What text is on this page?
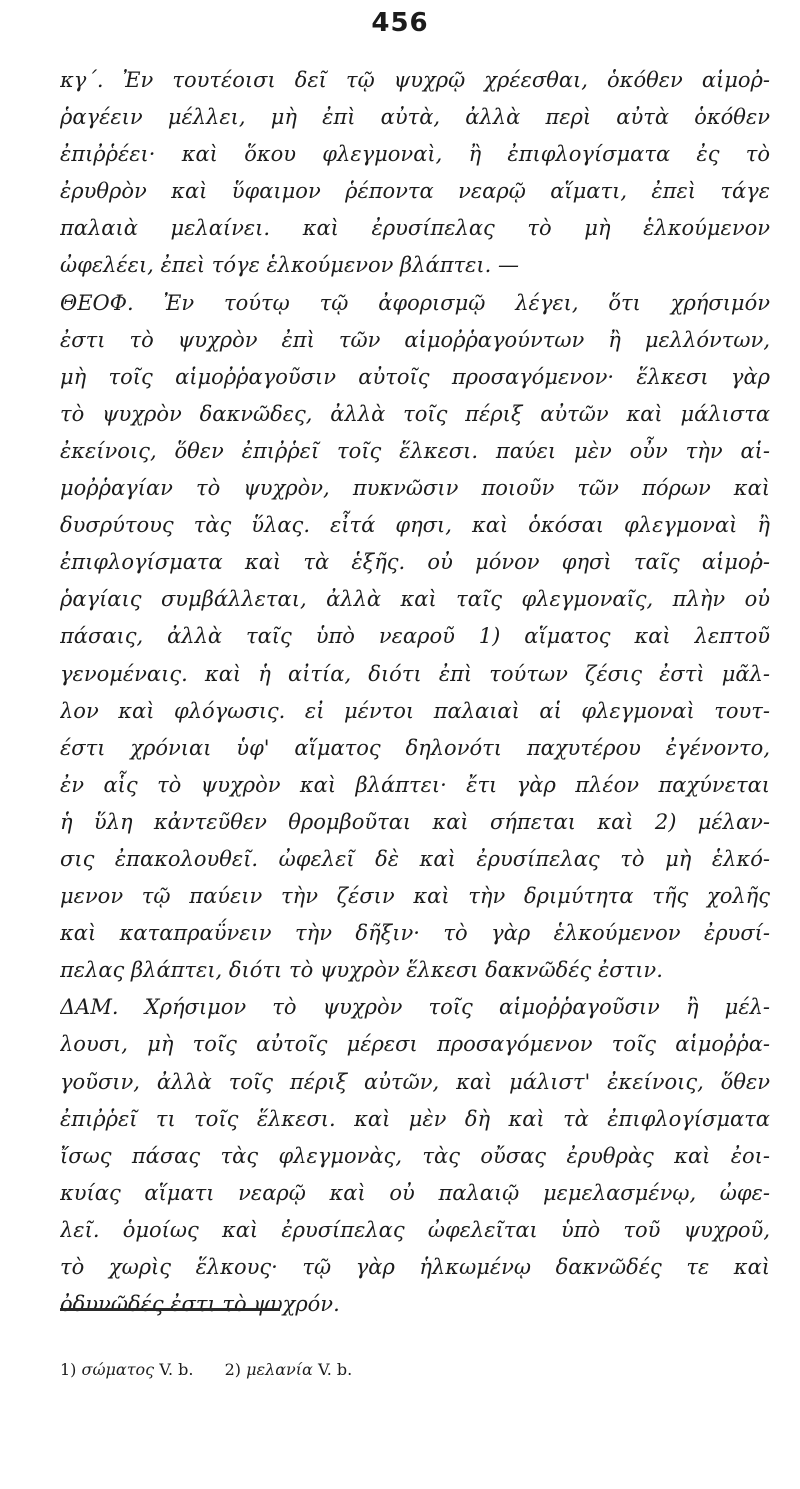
456
κγ΄. Ἐν τουτέοισι δεῖ τῷ ψυχρῷ χρέεσθαι, ὁκόθεν αἱμοῤ-
ῥαγέειν μέλλει, μὴ ἐπὶ αὐτὰ, ἀλλὰ περὶ αὐτὰ ὁκόθεν
ἐπιῤῥέει· καὶ ὅκου φλεγμοναὶ, ἢ ἐπιφλογίσματα ἐς τὸ
ἐρυθρὸν καὶ ὕφαιμον ῥέποντα νεαρῷ αἵματι, ἐπεὶ τάγε
παλαιὰ μελαίνει. καὶ ἐρυσίπελας τὸ μὴ ἑλκούμενον
ὠφελέει, ἐπεὶ τόγε ἑλκούμενον βλάπτει. —
ΘΕΟΦ. Ἐν τούτῳ τῷ ἀφορισμῷ λέγει, ὅτι χρήσιμόν
ἐστι τὸ ψυχρὸν ἐπὶ τῶν αἱμοῤῥαγούντων ἢ μελλόντων,
μὴ τοῖς αἱμοῤῥαγοῦσιν αὐτοῖς προσαγόμενον· ἕλκεσι γὰρ
τὸ ψυχρὸν δακνῶδες, ἀλλὰ τοῖς πέριξ αὐτῶν καὶ μάλιστα
ἐκείνοις, ὅθεν ἐπιῤῥεῖ τοῖς ἕλκεσι. παύει μὲν οὖν τὴν αἱ-
μοῤῥαγίαν τὸ ψυχρὸν, πυκνῶσιν ποιοῦν τῶν πόρων καὶ
δυσρύτους τὰς ὕλας. εἶτά φησι, καὶ ὁκόσαι φλεγμοναὶ ἢ
ἐπιφλογίσματα καὶ τὰ ἑξῆς. οὐ μόνον φησὶ ταῖς αἱμοῤ-
ῥαγίαις συμβάλλεται, ἀλλὰ καὶ ταῖς φλεγμοναῖς, πλὴν οὐ
πάσαις, ἀλλὰ ταῖς ὑπὸ νεαροῦ 1) αἵματος καὶ λεπτοῦ
γενομέναις. καὶ ἡ αἰτία, διότι ἐπὶ τούτων ζέσις ἐστὶ μᾶλ-
λον καὶ φλόγωσις. εἰ μέντοι παλαιαὶ αἱ φλεγμοναὶ τουτ-
έστι χρόνιαι ὑφ' αἵματος δηλονότι παχυτέρου ἐγένοντο,
ἐν αἷς τὸ ψυχρὸν καὶ βλάπτει· ἔτι γὰρ πλέον παχύνεται
ἡ ὕλη κἀντεῦθεν θρομβοῦται καὶ σήπεται καὶ 2) μέλαν-
σις ἐπακολουθεῖ. ὠφελεῖ δὲ καὶ ἐρυσίπελας τὸ μὴ ἑλκό-
μενον τῷ παύειν τὴν ζέσιν καὶ τὴν δριμύτητα τῆς χολῆς
καὶ καταπραΰνειν τὴν δῆξιν· τὸ γὰρ ἑλκούμενον ἐρυσί-
πελας βλάπτει, διότι τὸ ψυχρὸν ἕλκεσι δακνῶδές ἐστιν.
ΔΑΜ. Χρήσιμον τὸ ψυχρὸν τοῖς αἱμοῤῥαγοῦσιν ἢ μέλ-
λουσι, μὴ τοῖς αὐτοῖς μέρεσι προσαγόμενον τοῖς αἱμοῤῥα-
γοῦσιν, ἀλλὰ τοῖς πέριξ αὐτῶν, καὶ μάλιστ' ἐκείνοις, ὅθεν
ἐπιῤῥεῖ τι τοῖς ἕλκεσι. καὶ μὲν δὴ καὶ τὰ ἐπιφλογίσματα
ἴσως πάσας τὰς φλεγμονὰς, τὰς οὔσας ἐρυθρὰς καὶ ἐοι-
κυίας αἵματι νεαρῷ καὶ οὐ παλαιῷ μεμελασμένῳ, ὠφε-
λεῖ. ὁμοίως καὶ ἐρυσίπελας ὠφελεῖται ὑπὸ τοῦ ψυχροῦ,
τὸ χωρὶς ἕλκους· τῷ γὰρ ἡλκωμένῳ δακνῶδές τε καὶ
ὀδυνῶδές ἐστι τὸ ψυχρόν.
1) σώματος V. b. 2) μελανία V. b.
